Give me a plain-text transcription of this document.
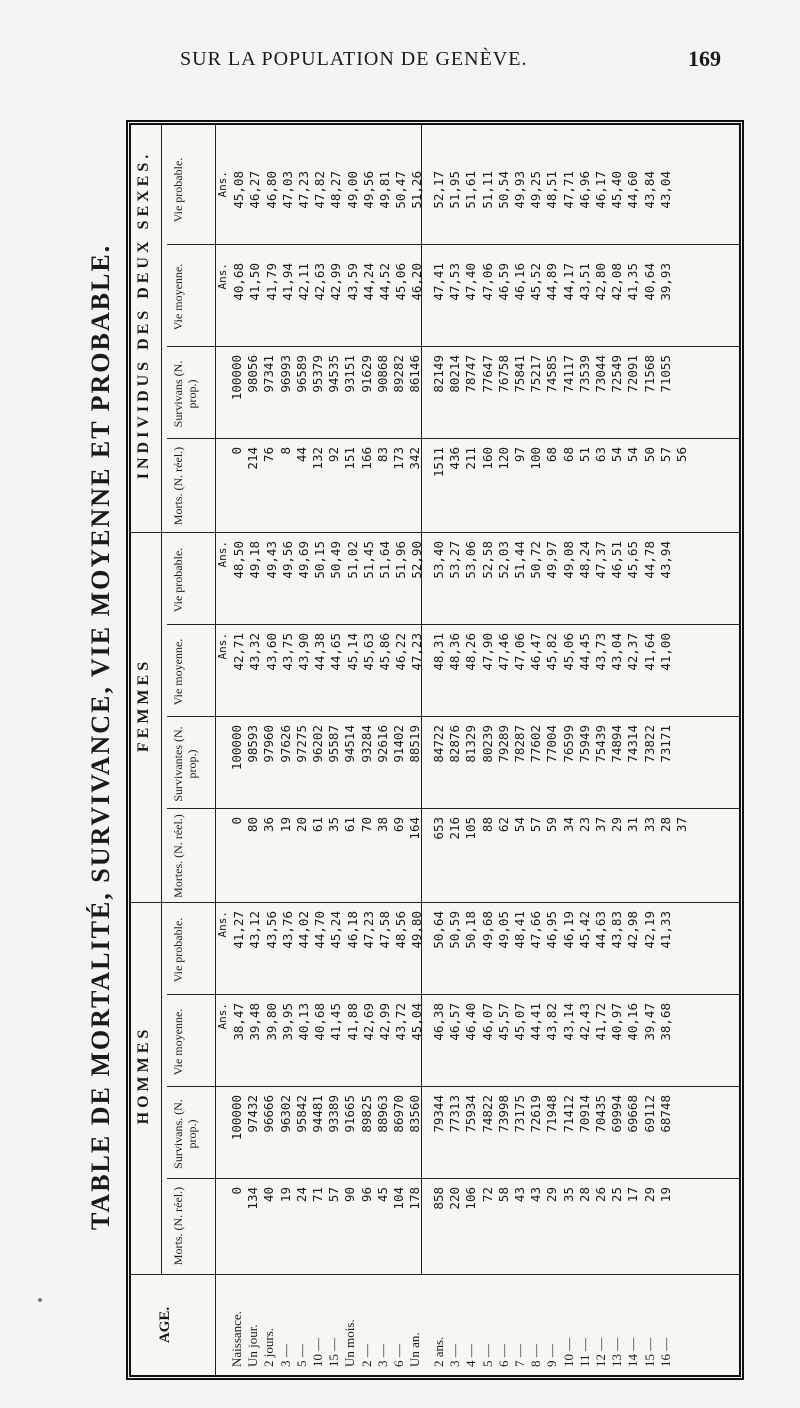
SUR LA POPULATION DE GENÈVE.	169
TABLE DE MORTALITÉ, SURVIVANCE, VIE MOYENNE ET PROBABLE.
AGE.
HOMMES
FEMMES
INDIVIDUS DES DEUX SEXES.
Morts. (N. réel.)
Survivans. (N. prop.)
Vie moyenne.
Vie probable.
Mortes. (N. réel.)
Survivantes (N. prop.)
Vie moyenne.
Vie probable.
Morts. (N. réel.)
Survivans (N. prop.)
Vie moyenne.
Vie probable.
Naissance. Un jour. 2 jours. 3 — 5 — 10 — 15 — Un mois. 2 — 3 — 6 — Un an. 2 ans. 3 — 4 — 5 — 6 — 7 — 8 — 9 — 10 — 11 — 12 — 13 — 14 — 15 — 16 —
0 134 40 19 24 71 57 90 96 45 104 178
100000 97432 96666 96302 95842 94481 93389 91665 89825 88963 86970 83560
Ans. 38,47 39,48 39,80 39,95 40,13 40,68 41,45 41,88 42,69 42,99 43,72 45,04
Ans. 41,27 43,12 43,56 43,76 44,02 44,70 45,24 46,18 47,23 47,58 48,56 49,80
858 220 106 72 58 43 43 29 35 28 26 25 17 29 19
79344 77313 75934 74822 73998 73175 72619 71948 71412 70914 70435 69994 69668 69112 68748
46,38 46,57 46,40 46,07 45,57 45,07 44,41 43,82 43,14 42,43 41,72 40,97 40,16 39,47 38,68
50,64 50,59 50,18 49,68 49,05 48,41 47,66 46,95 46,19 45,42 44,63 43,83 42,98 42,19 41,33
0 80 36 19 20 61 35 61 70 38 69 164
100000 98593 97960 97626 97275 96202 95587 94514 93284 92616 91402 88519
Ans. 42,71 43,32 43,60 43,75 43,90 44,38 44,65 45,14 45,63 45,86 46,22 47,23
Ans. 48,50 49,18 49,43 49,56 49,69 50,15 50,49 51,02 51,45 51,64 51,96 52,90
653 216 105 88 62 54 57 59 34 23 37 29 31 33 28 37
84722 82876 81329 80239 79289 78287 77602 77004 76599 75949 75439 74894 74314 73822 73171
48,31 48,36 48,26 47,90 47,46 47,06 46,47 45,82 45,06 44,45 43,73 43,04 42,37 41,64 41,00
53,40 53,27 53,06 52,58 52,03 51,44 50,72 49,97 49,08 48,24 47,37 46,51 45,65 44,78 43,94
0 214 76 8 44 132 92 151 166 83 173 342
100000 98056 97341 96993 96589 95379 94535 93151 91629 90868 89282 86146
Ans. 40,68 41,50 41,79 41,94 42,11 42,63 42,99 43,59 44,24 44,52 45,06 46,20
Ans. 45,08 46,27 46,80 47,03 47,23 47,82 48,27 49,00 49,56 49,81 50,47 51,26
1511 436 211 160 120 97 100 68 68 51 63 54 54 50 57 56
82149 80214 78747 77647 76758 75841 75217 74585 74117 73539 73044 72549 72091 71568 71055
47,41 47,53 47,40 47,06 46,59 46,16 45,52 44,89 44,17 43,51 42,80 42,08 41,35 40,64 39,93
52,17 51,95 51,61 51,11 50,54 49,93 49,25 48,51 47,71 46,96 46,17 45,40 44,60 43,84 43,04
